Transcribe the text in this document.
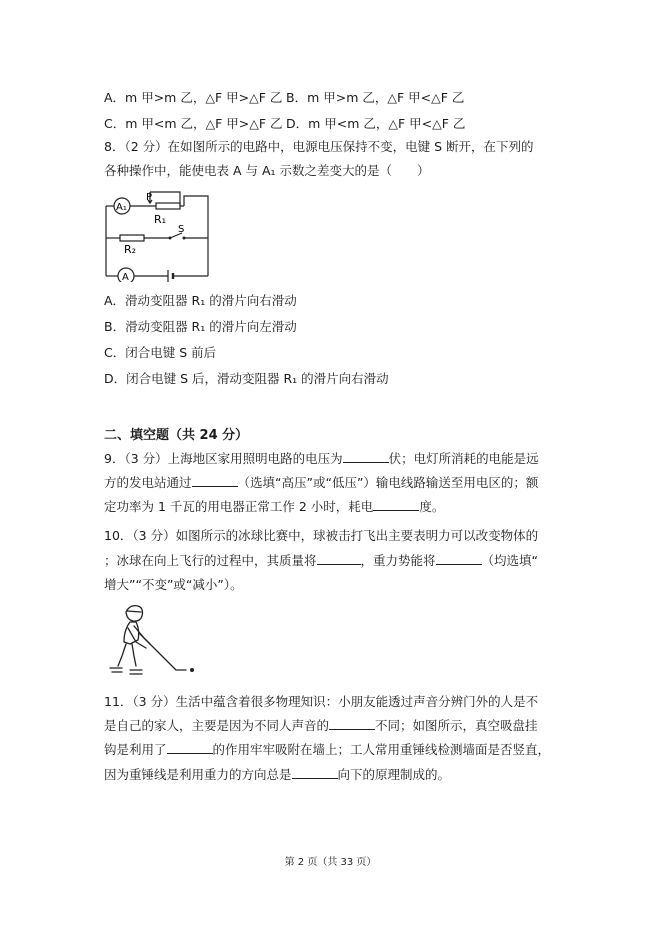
A．m 甲>m 乙，△F 甲>△F 乙 B．m 甲>m 乙，△F 甲<△F 乙
C．m 甲<m 乙，△F 甲>△F 乙 D．m 甲<m 乙，△F 甲<△F 乙
8．（2 分）在如图所示的电路中，电源电压保持不变，电键 S 断开，在下列的
各种操作中，能使电表 A 与 A₁ 示数之差变大的是（　　）
A₁
P
R₁
R₂
S
A
A．滑动变阻器 R₁ 的滑片向右滑动
B．滑动变阻器 R₁ 的滑片向左滑动
C．闭合电键 S 前后
D．闭合电键 S 后，滑动变阻器 R₁ 的滑片向右滑动
二、填空题（共 24 分）
9．（3 分）上海地区家用照明电路的电压为	伏；电灯所消耗的电能是远
方的发电站通过	（选填“高压”或“低压”）输电线路输送至用电区的；额
定功率为 1 千瓦的用电器正常工作 2 小时，耗电	度。
10．（3 分）如图所示的冰球比赛中，球被击打飞出主要表明力可以改变物体的
；冰球在向上飞行的过程中，其质量将	，重力势能将	（均选填“
增大”“不变”或“减小”）。
11．（3 分）生活中蕴含着很多物理知识：小朋友能透过声音分辨门外的人是不
是自己的家人，主要是因为不同人声音的	不同；如图所示，真空吸盘挂
钩是利用了	的作用牢牢吸附在墙上；工人常用重锤线检测墙面是否竖直，
因为重锤线是利用重力的方向总是	向下的原理制成的。
第 2 页（共 33 页）
